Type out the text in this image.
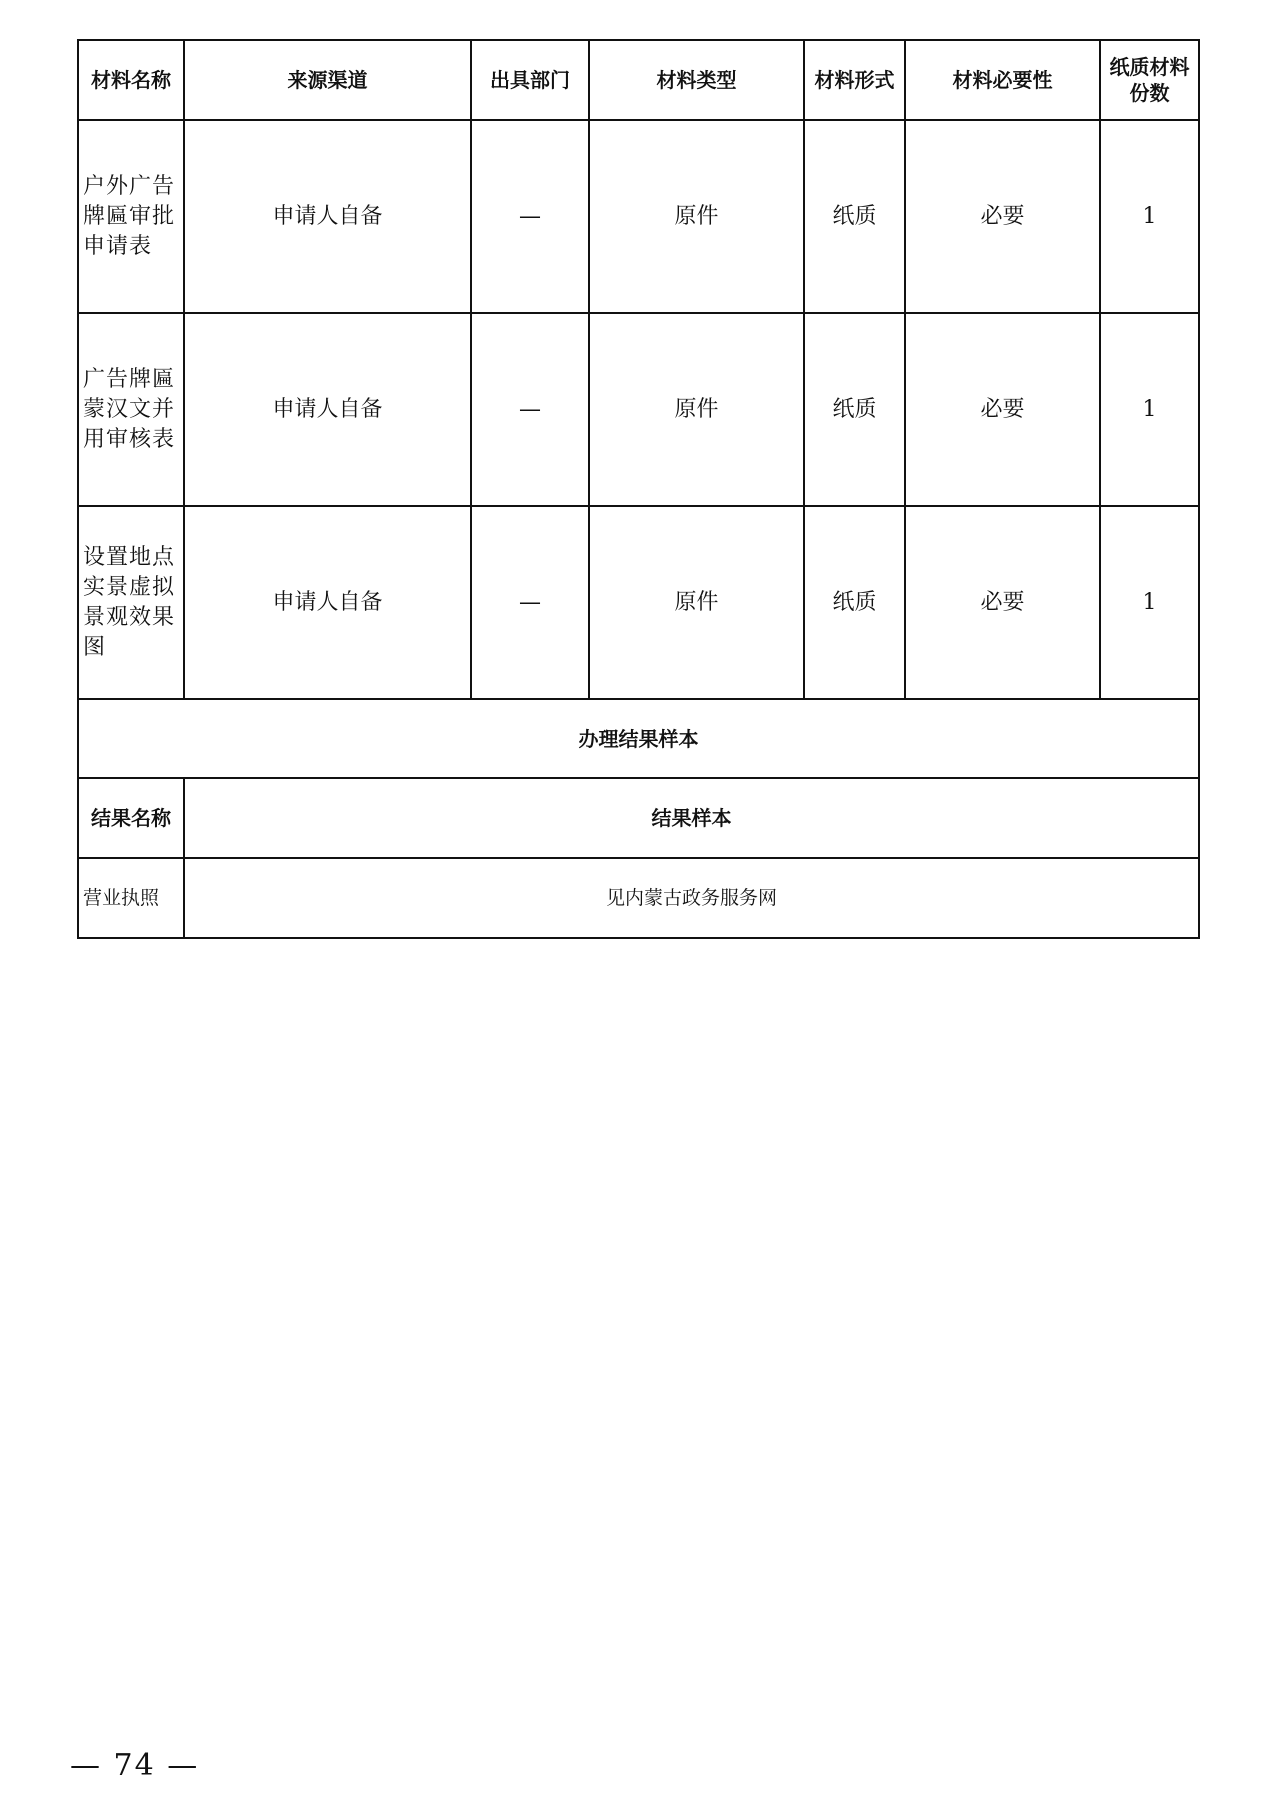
材料名称	来源渠道	出具部门	材料类型	材料形式	材料必要性	纸质材料份数
户外广告牌匾审批申请表	申请人自备	—	原件	纸质	必要	1
广告牌匾蒙汉文并用审核表	申请人自备	—	原件	纸质	必要	1
设置地点实景虚拟景观效果图	申请人自备	—	原件	纸质	必要	1
办理结果样本						
结果名称	结果样本					
营业执照	见内蒙古政务服务网					
— 74 —
